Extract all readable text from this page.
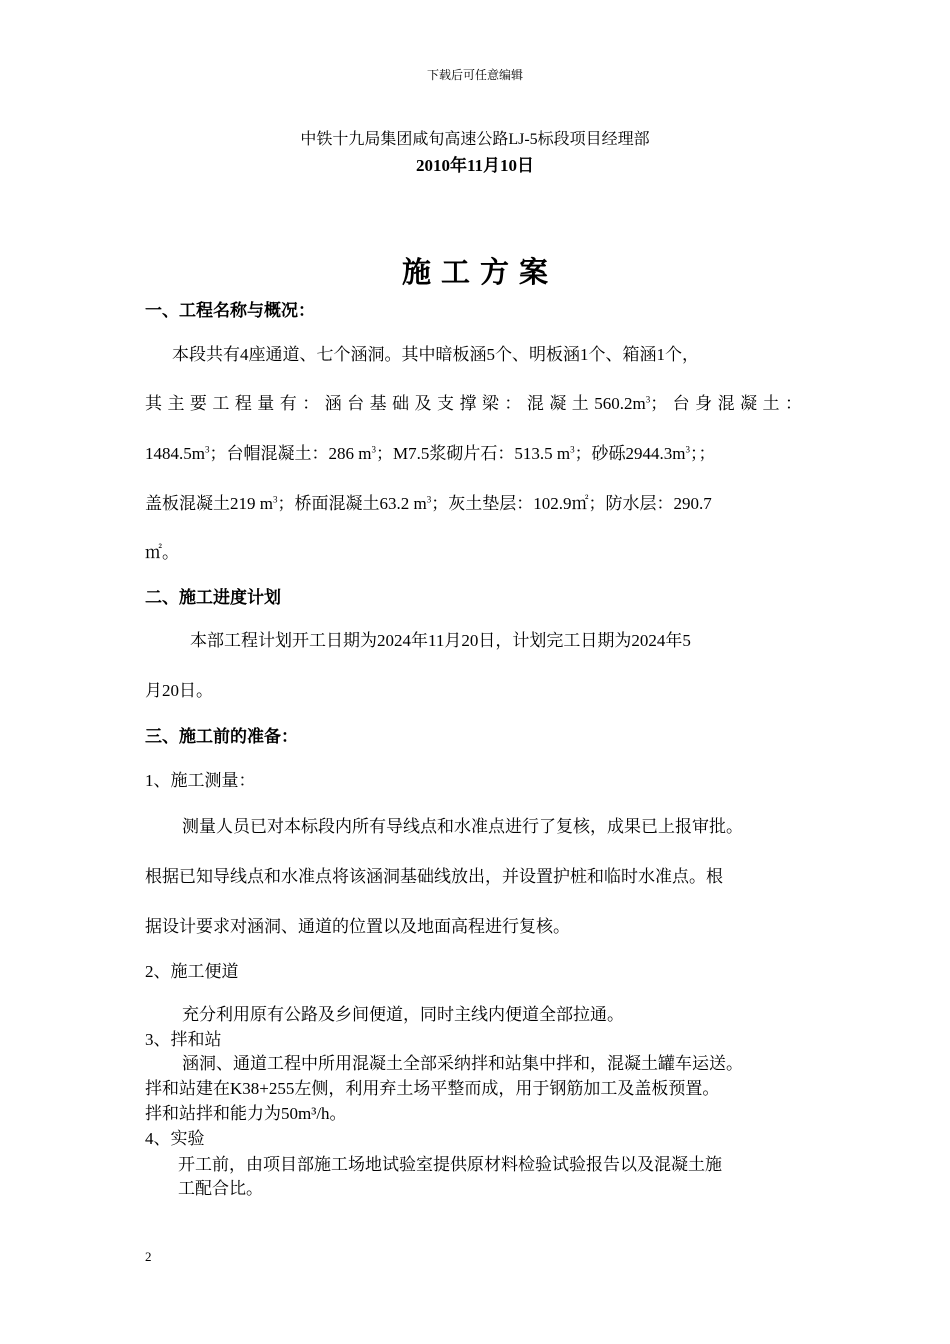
下载后可任意编辑

中铁十九局集团咸旬高速公路LJ-5标段项目经理部

2010年11月10日

施工方案

一、工程名称与概况：

本段共有4座通道、七个涵洞。其中暗板涵5个、明板涵1个、箱涵1个，

其主要工程量有：涵台基础及支撑梁：混凝土$560.2m^3$；台身混凝土：

$1484.5m^3$；台帽混凝土：286 $m^3$；M7.5浆砌片石：513.5 $m^3$；砂砾$2944.3m^3$；；

盖板混凝土219 $m^3$；桥面混凝土63.2 $m^3$；灰土垫层：102.9㎡；防水层：290.7

㎡。

二、施工进度计划

本部工程计划开工日期为2024年11月20日，计划完工日期为2024年5

月20日。

三、施工前的准备：

1、施工测量：

测量人员已对本标段内所有导线点和水准点进行了复核，成果已上报审批。

根据已知导线点和水准点将该涵洞基础线放出，并设置护桩和临时水准点。根

据设计要求对涵洞、通道的位置以及地面高程进行复核。

2、施工便道

充分利用原有公路及乡间便道，同时主线内便道全部拉通。

3、拌和站

涵洞、通道工程中所用混凝土全部采纳拌和站集中拌和，混凝土罐车运送。

拌和站建在K38+255左侧，利用弃土场平整而成，用于钢筋加工及盖板预置。

拌和站拌和能力为50m³/h。

4、实验

开工前，由项目部施工场地试验室提供原材料检验试验报告以及混凝土施

工配合比。

2
